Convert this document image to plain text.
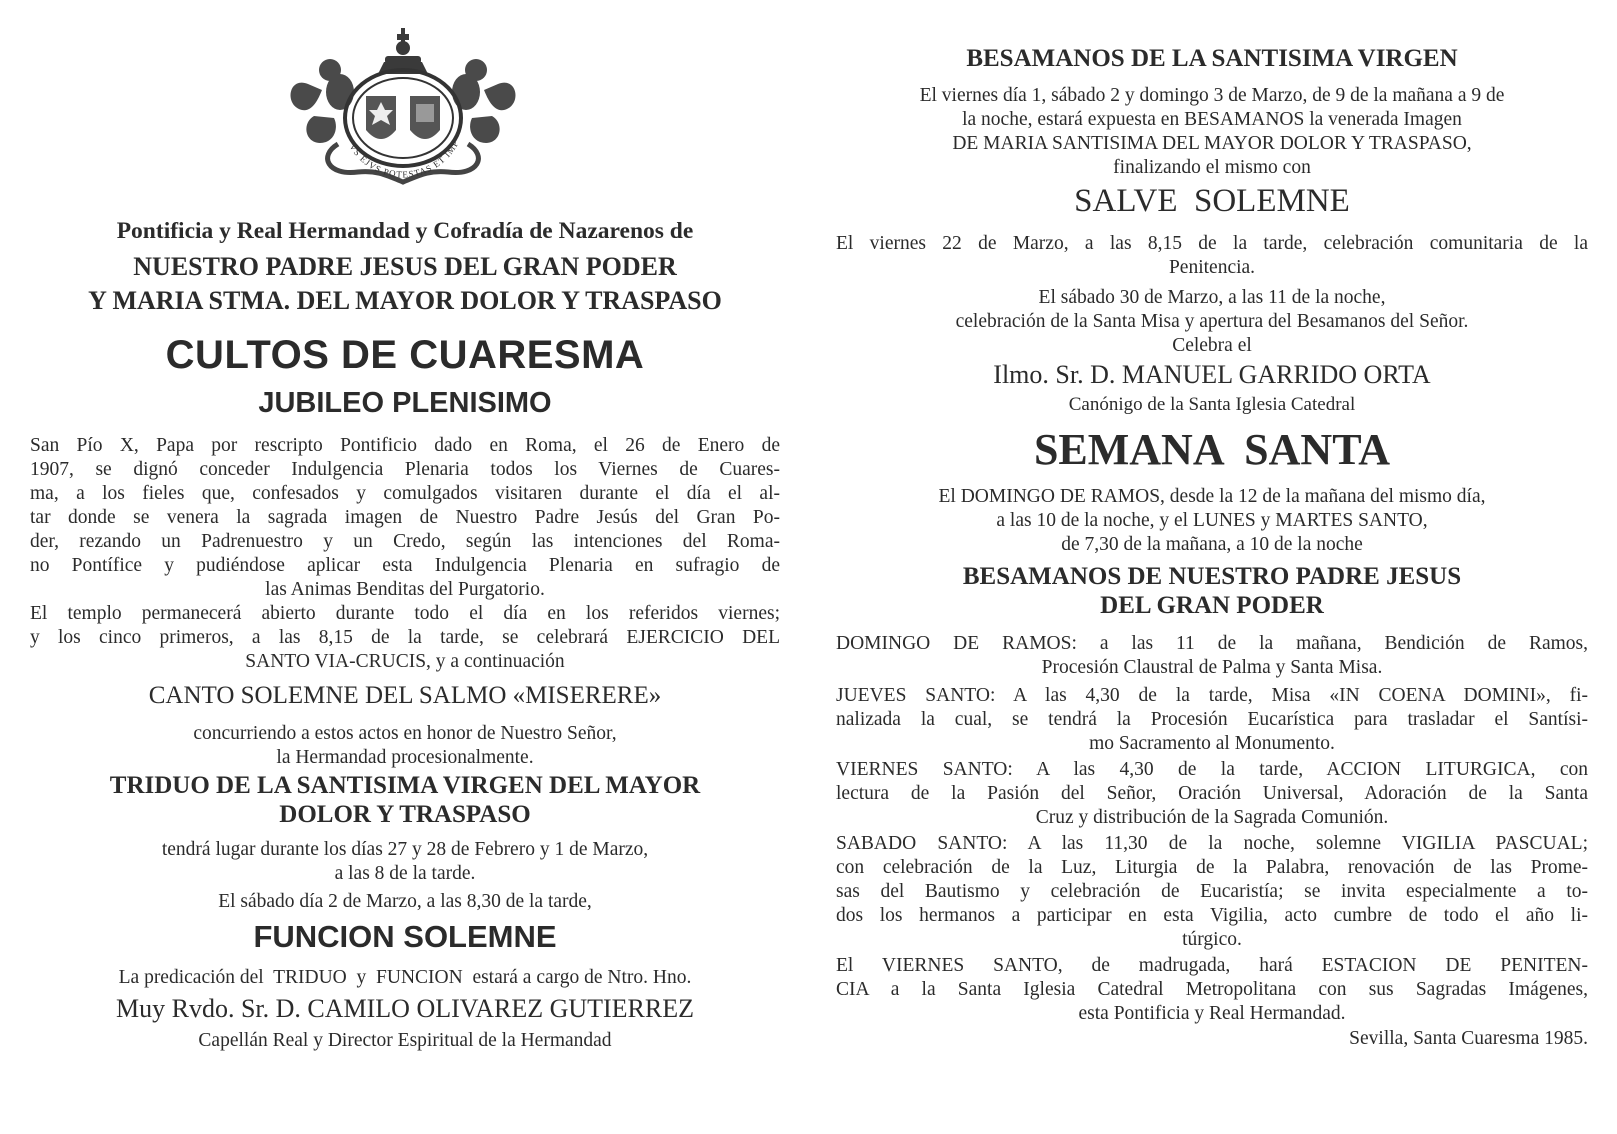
VS EJVS POTESTAS ET IMP

Pontificia y Real Hermandad y Cofradía de Nazarenos de

NUESTRO PADRE JESUS DEL GRAN PODER

Y MARIA STMA. DEL MAYOR DOLOR Y TRASPASO

CULTOS DE CUARESMA

JUBILEO PLENISIMO

San Pío X, Papa por rescripto Pontificio dado en Roma, el 26 de Enero de
1907, se dignó conceder Indulgencia Plenaria todos los Viernes de Cuares-
ma, a los fieles que, confesados y comulgados visitaren durante el día el al-
tar donde se venera la sagrada imagen de Nuestro Padre Jesús del Gran Po-
der, rezando un Padrenuestro y un Credo, según las intenciones del Roma-
no Pontífice y pudiéndose aplicar esta Indulgencia Plenaria en sufragio de
las Animas Benditas del Purgatorio.
El templo permanecerá abierto durante todo el día en los referidos viernes;
y los cinco primeros, a las 8,15 de la tarde, se celebrará EJERCICIO DEL
SANTO VIA-CRUCIS, y a continuación

CANTO SOLEMNE DEL SALMO «MISERERE»

concurriendo a estos actos en honor de Nuestro Señor,
la Hermandad procesionalmente.

TRIDUO DE LA SANTISIMA VIRGEN DEL MAYOR

DOLOR Y TRASPASO

tendrá lugar durante los días 27 y 28 de Febrero y 1 de Marzo,
a las 8 de la tarde.

El sábado día 2 de Marzo, a las 8,30 de la tarde,

FUNCION SOLEMNE

La predicación del  TRIDUO  y  FUNCION  estará a cargo de Ntro. Hno.

Muy Rvdo. Sr. D. CAMILO OLIVAREZ GUTIERREZ

Capellán Real y Director Espiritual de la Hermandad

BESAMANOS DE LA SANTISIMA VIRGEN

El viernes día 1, sábado 2 y domingo 3 de Marzo, de 9 de la mañana a 9 de
la noche, estará expuesta en BESAMANOS la venerada Imagen
DE MARIA SANTISIMA DEL MAYOR DOLOR Y TRASPASO,
finalizando el mismo con

SALVE  SOLEMNE

El viernes 22 de Marzo, a las 8,15 de la tarde, celebración comunitaria de la
Penitencia.
El sábado 30 de Marzo, a las 11 de la noche,
celebración de la Santa Misa y apertura del Besamanos del Señor.
Celebra el

Ilmo. Sr. D. MANUEL GARRIDO ORTA

Canónigo de la Santa Iglesia Catedral

SEMANA  SANTA

El DOMINGO DE RAMOS, desde la 12 de la mañana del mismo día,
a las 10 de la noche, y el LUNES y MARTES SANTO,
de 7,30 de la mañana, a 10 de la noche

BESAMANOS DE NUESTRO PADRE JESUS

DEL GRAN PODER

DOMINGO DE RAMOS: a las 11 de la mañana, Bendición de Ramos,
Procesión Claustral de Palma y Santa Misa.
JUEVES SANTO: A las 4,30 de la tarde, Misa «IN COENA DOMINI», fi-
nalizada la cual, se tendrá la Procesión Eucarística para trasladar el Santísi-
mo Sacramento al Monumento.
VIERNES SANTO: A las 4,30 de la tarde, ACCION LITURGICA, con
lectura de la Pasión del Señor, Oración Universal, Adoración de la Santa
Cruz y distribución de la Sagrada Comunión.
SABADO SANTO: A las 11,30 de la noche, solemne VIGILIA PASCUAL;
con celebración de la Luz, Liturgia de la Palabra, renovación de las Prome-
sas del Bautismo y celebración de Eucaristía; se invita especialmente a to-
dos los hermanos a participar en esta Vigilia, acto cumbre de todo el año li-
túrgico.
El VIERNES SANTO, de madrugada, hará ESTACION DE PENITEN-
CIA a la Santa Iglesia Catedral Metropolitana con sus Sagradas Imágenes,
esta Pontificia y Real Hermandad.

Sevilla, Santa Cuaresma 1985.
